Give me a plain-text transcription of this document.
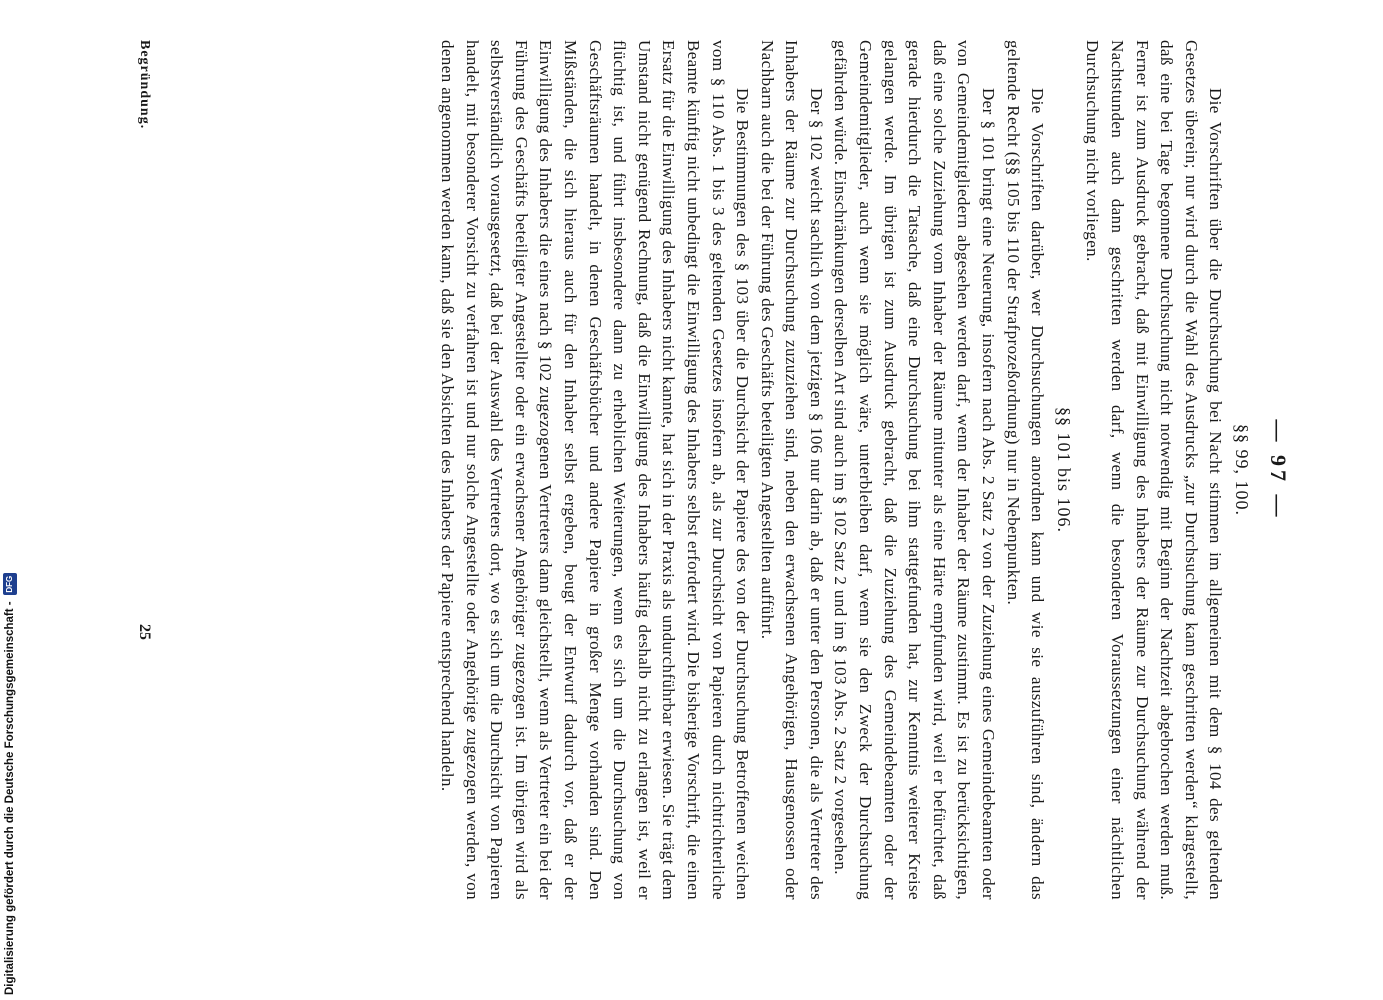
— 97 —
§§ 99, 100.

Die Vorschriften über die Durchsuchung bei Nacht stimmen im allgemeinen mit dem § 104 des geltenden Gesetzes überein; nur wird durch die Wahl des Ausdrucks „zur Durchsuchung kann geschritten werden“ klargestellt, daß eine bei Tage begonnene Durchsuchung nicht notwendig mit Beginn der Nachtzeit abgebrochen werden muß. Ferner ist zum Ausdruck gebracht, daß mit Einwilligung des Inhabers der Räume zur Durchsuchung während der Nachtstunden auch dann geschritten werden darf, wenn die besonderen Voraussetzungen einer nächtlichen Durchsuchung nicht vorliegen.

§§ 101 bis 106.

Die Vorschriften darüber, wer Durchsuchungen anordnen kann und wie sie auszuführen sind, ändern das geltende Recht (§§ 105 bis 110 der Strafprozeßordnung) nur in Nebenpunkten.

Der § 101 bringt eine Neuerung, insofern nach Abs. 2 Satz 2 von der Zuziehung eines Gemeindebeamten oder von Gemeindemitgliedern abgesehen werden darf, wenn der Inhaber der Räume zustimmt. Es ist zu berücksichtigen, daß eine solche Zuziehung vom Inhaber der Räume mitunter als eine Härte empfunden wird, weil er befürchtet, daß gerade hierdurch die Tatsache, daß eine Durchsuchung bei ihm stattgefunden hat, zur Kenntnis weiterer Kreise gelangen werde. Im übrigen ist zum Ausdruck gebracht, daß die Zuziehung des Gemeindebeamten oder der Gemeindemitglieder, auch wenn sie möglich wäre, unterbleiben darf, wenn sie den Zweck der Durchsuchung gefährden würde. Einschränkungen derselben Art sind auch im § 102 Satz 2 und im § 103 Abs. 2 Satz 2 vorgesehen.

Der § 102 weicht sachlich von dem jetzigen § 106 nur darin ab, daß er unter den Personen, die als Vertreter des Inhabers der Räume zur Durchsuchung zuzuziehen sind, neben den erwachsenen Angehörigen, Hausgenossen oder Nachbarn auch die bei der Führung des Geschäfts beteiligten Angestellten aufführt.

Die Bestimmungen des § 103 über die Durchsicht der Papiere des von der Durchsuchung Betroffenen weichen vom § 110 Abs. 1 bis 3 des geltenden Gesetzes insofern ab, als zur Durchsicht von Papieren durch nichtrichterliche Beamte künftig nicht unbedingt die Einwilligung des Inhabers selbst erfordert wird. Die bisherige Vorschrift, die einen Ersatz für die Einwilligung des Inhabers nicht kannte, hat sich in der Praxis als undurchführbar erwiesen. Sie trägt dem Umstand nicht genügend Rechnung, daß die Einwilligung des Inhabers häufig deshalb nicht zu erlangen ist, weil er flüchtig ist, und führt insbesondere dann zu erheblichen Weiterungen, wenn es sich um die Durchsuchung von Geschäftsräumen handelt, in denen Geschäftsbücher und andere Papiere in großer Menge vorhanden sind. Den Mißständen, die sich hieraus auch für den Inhaber selbst ergeben, beugt der Entwurf dadurch vor, daß er der Einwilligung des Inhabers die eines nach § 102 zugezogenen Vertreters dann gleichstellt, wenn als Vertreter ein bei der Führung des Geschäfts beteiligter Angestellter oder ein erwachsener Angehöriger zugezogen ist. Im übrigen wird als selbstverständlich vorausgesetzt, daß bei der Auswahl des Vertreters dort, wo es sich um die Durchsicht von Papieren handelt, mit besonderer Vorsicht zu verfahren ist und nur solche Angestellte oder Angehörige zugezogen werden, von denen angenommen werden kann, daß sie den Absichten des Inhabers der Papiere entsprechend handeln.

Begründung.
25
Digitalisierung gefördert durch die Deutsche Forschungsgemeinschaft - DFG
